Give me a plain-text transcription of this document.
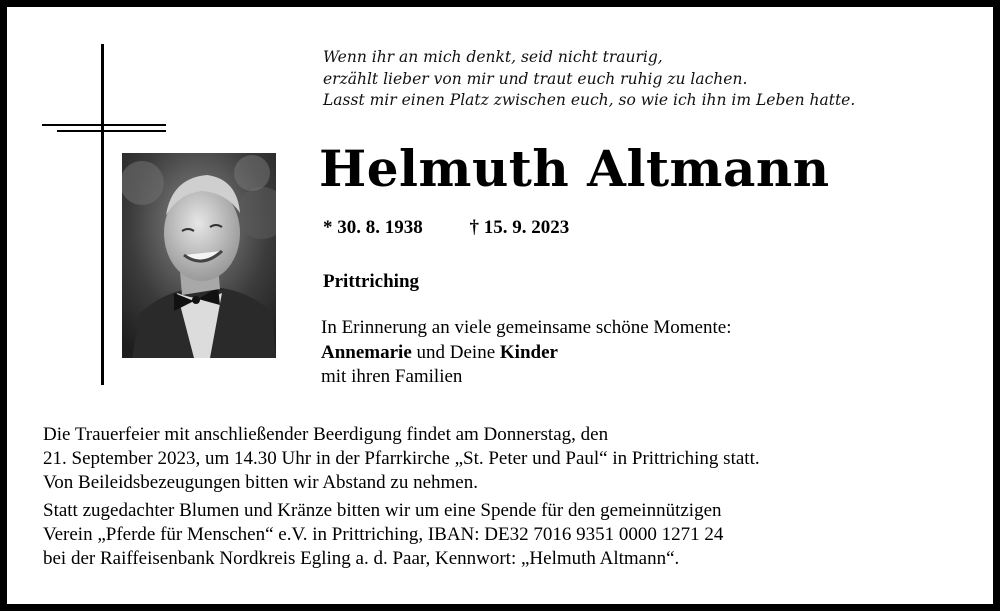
Wenn ihr an mich denkt, seid nicht traurig,
erzählt lieber von mir und traut euch ruhig zu lachen.
Lasst mir einen Platz zwischen euch, so wie ich ihn im Leben hatte.
Helmuth Altmann
* 30. 8. 1938 † 15. 9. 2023
Prittriching
In Erinnerung an viele gemeinsame schöne Momente:
Annemarie und Deine Kinder
mit ihren Familien
Die Trauerfeier mit anschließender Beerdigung findet am Donnerstag, den
21. September 2023, um 14.30 Uhr in der Pfarrkirche „St. Peter und Paul“ in Prittriching statt.
Von Beileidsbezeugungen bitten wir Abstand zu nehmen.
Statt zugedachter Blumen und Kränze bitten wir um eine Spende für den gemeinnützigen
Verein „Pferde für Menschen“ e.V. in Prittriching, IBAN: DE32 7016 9351 0000 1271 24
bei der Raiffeisenbank Nordkreis Egling a. d. Paar, Kennwort: „Helmuth Altmann“.
